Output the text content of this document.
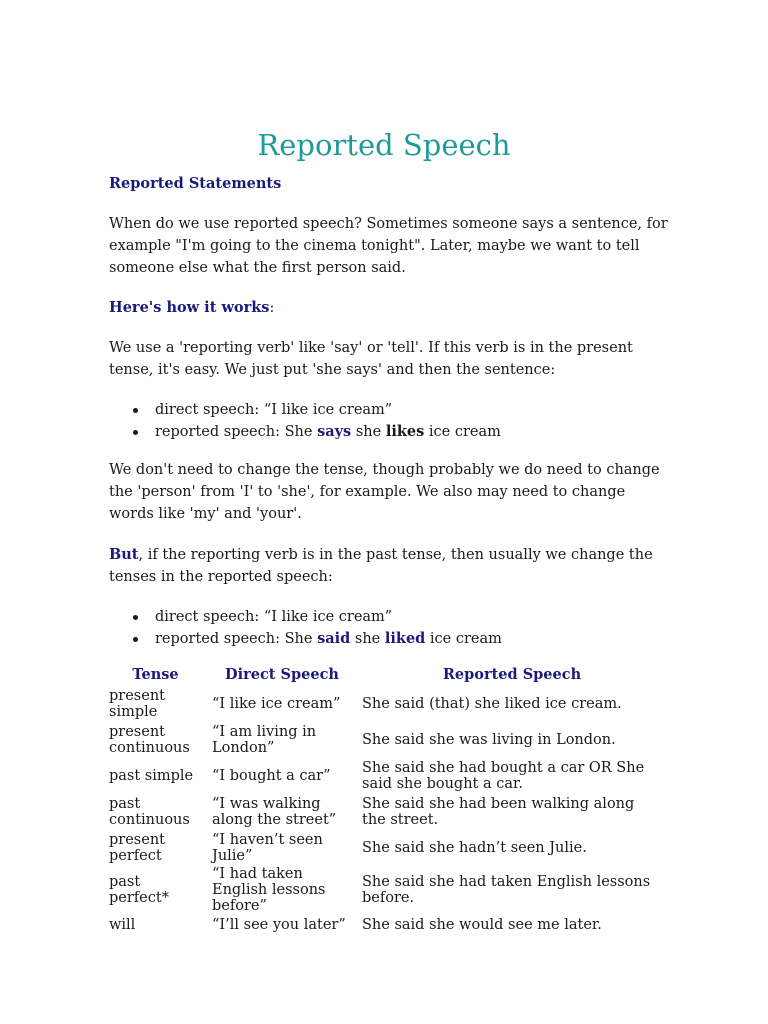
Reported Speech
Reported Statements

When do we use reported speech? Sometimes someone says a sentence, for example "I'm going to the cinema tonight". Later, maybe we want to tell someone else what the first person said.

Here's how it works:

We use a 'reporting verb' like 'say' or 'tell'. If this verb is in the present tense, it's easy. We just put 'she says' and then the sentence:

direct speech: “I like ice cream”
reported speech: She says she likes ice cream

We don't need to change the tense, though probably we do need to change the 'person' from 'I' to 'she', for example. We also may need to change words like 'my' and 'your'.

But, if the reporting verb is in the past tense, then usually we change the tenses in the reported speech:

direct speech: “I like ice cream”
reported speech: She said she liked ice cream
Tense	Direct Speech	Reported Speech
present simple	“I like ice cream”	She said (that) she liked ice cream.
present continuous	“I am living in London”	She said she was living in London.
past simple	“I bought a car”	She said she had bought a car OR She said she bought a car.
past continuous	“I was walking along the street”	She said she had been walking along the street.
present perfect	“I haven’t seen Julie”	She said she hadn’t seen Julie.
past perfect*	“I had taken English lessons before”	She said she had taken English lessons before.
will	“I’ll see you later”	She said she would see me later.
